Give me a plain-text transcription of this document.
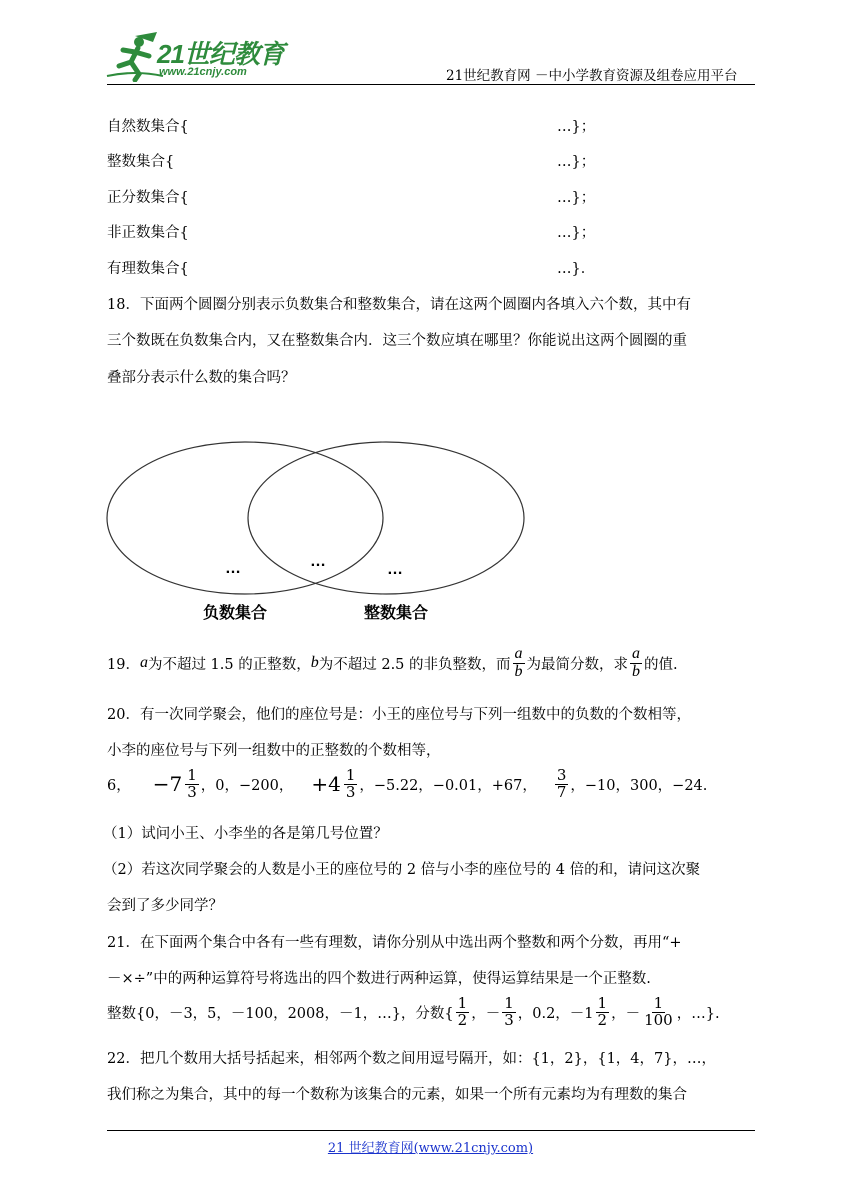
21世纪教育
www.21cnjy.com	21世纪教育网 －中小学教育资源及组卷应用平台
自然数集合{	…}；
整数集合{	…}；
正分数集合{	…}；
非正数集合{	…}；
有理数集合{	…}．
18．下面两个圆圈分别表示负数集合和整数集合，请在这两个圆圈内各填入六个数，其中有
三个数既在负数集合内，又在整数集合内．这三个数应填在哪里？你能说出这两个圆圈的重
叠部分表示什么数的集合吗？
…	…	…
负数集合	整数集合
19． a 为不超过 1.5 的正整数， b 为不超过 2.5 的非负整数，而 $\frac{a}{b}$ 为最简分数，求 $\frac{a}{b}$ 的值.
20．有一次同学聚会，他们的座位号是：小王的座位号与下列一组数中的负数的个数相等，
小李的座位号与下列一组数中的正整数的个数相等，
6， $-7 \frac{1}{3}$ ，0，−200， $+4 \frac{1}{3}$ ，−5.22，−0.01，+67， $\frac{3}{7}$ ，−10，300，−24.
（1）试问小王、小李坐的各是第几号位置？
（2）若这次同学聚会的人数是小王的座位号的 2 倍与小李的座位号的 4 倍的和，请问这次聚
会到了多少同学？
21．在下面两个集合中各有一些有理数，请你分别从中选出两个整数和两个分数，再用“+
－×÷”中的两种运算符号将选出的四个数进行两种运算，使得运算结果是一个正整数.
整数{0，－3，5，－100，2008，－1，…}，分数{ $\frac{1}{2}$ ，－ $\frac{1}{3}$ ，0.2，$-1 \frac{1}{2}$ ，－ $\frac{1}{100}$ ，…}.
22．把几个数用大括号括起来，相邻两个数之间用逗号隔开，如：{1，2}，{1，4，7}，…，
我们称之为集合，其中的每一个数称为该集合的元素，如果一个所有元素均为有理数的集合
21 世纪教育网(www.21cnjy.com)
